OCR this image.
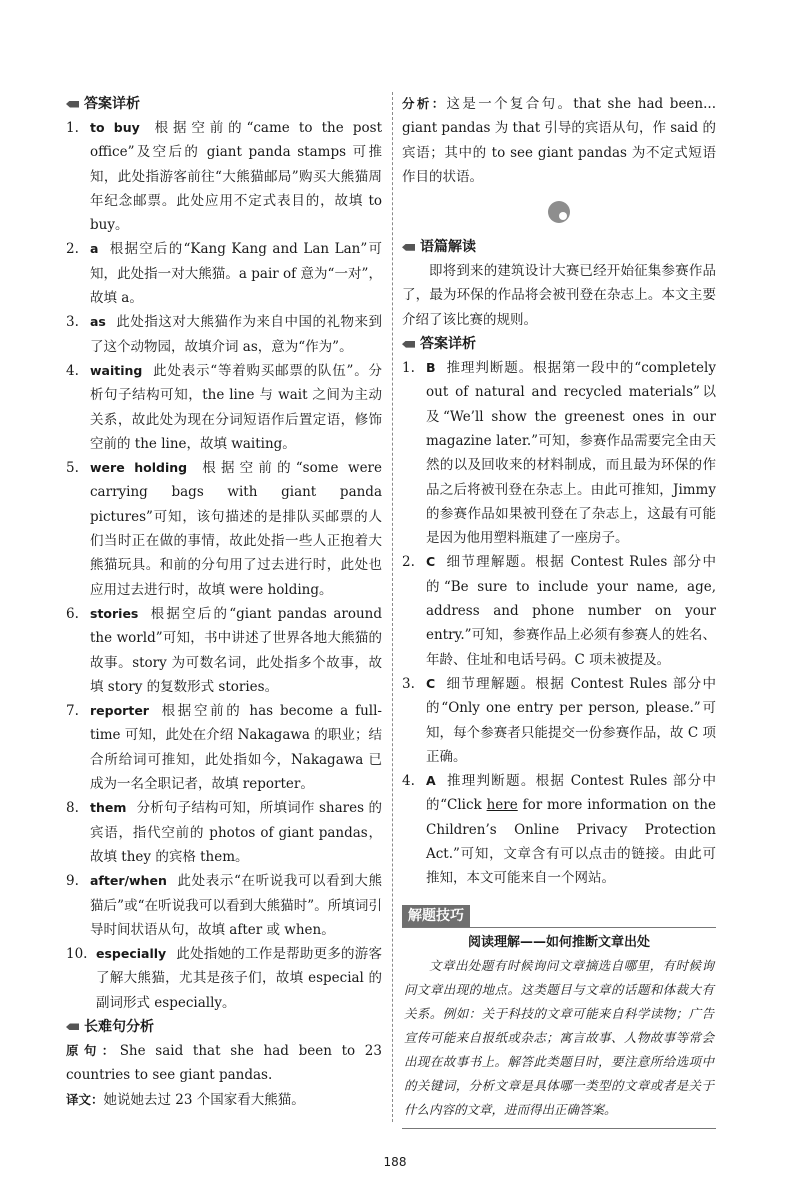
答案详析
1. to buy 根据空前的“came to the post office”及空后的 giant panda stamps 可推知，此处指游客前往“大熊猫邮局”购买大熊猫周年纪念邮票。此处应用不定式表目的，故填 to buy。
2. a 根据空后的“Kang Kang and Lan Lan”可知，此处指一对大熊猫。a pair of 意为“一对”，故填 a。
3. as 此处指这对大熊猫作为来自中国的礼物来到了这个动物园，故填介词 as，意为“作为”。
4. waiting 此处表示“等着购买邮票的队伍”。分析句子结构可知，the line 与 wait 之间为主动关系，故此处为现在分词短语作后置定语，修饰空前的 the line，故填 waiting。
5. were holding 根据空前的“some were carrying bags with giant panda pictures”可知，该句描述的是排队买邮票的人们当时正在做的事情，故此处指一些人正抱着大熊猫玩具。和前的分句用了过去进行时，此处也应用过去进行时，故填 were holding。
6. stories 根据空后的“giant pandas around the world”可知，书中讲述了世界各地大熊猫的故事。story 为可数名词，此处指多个故事，故填 story 的复数形式 stories。
7. reporter 根据空前的 has become a full-time 可知，此处在介绍 Nakagawa 的职业；结合所给词可推知，此处指如今，Nakagawa 已成为一名全职记者，故填 reporter。
8. them 分析句子结构可知，所填词作 shares 的宾语，指代空前的 photos of giant pandas，故填 they 的宾格 them。
9. after/when 此处表示“在听说我可以看到大熊猫后”或“在听说我可以看到大熊猫时”。所填词引导时间状语从句，故填 after 或 when。
10. especially 此处指她的工作是帮助更多的游客了解大熊猫，尤其是孩子们，故填 especial 的副词形式 especially。
长难句分析
原句：She said that she had been to 23 countries to see giant pandas.
译文：她说她去过 23 个国家看大熊猫。
分析：这是一个复合句。that she had been... giant pandas 为 that 引导的宾语从句，作 said 的宾语；其中的 to see giant pandas 为不定式短语作目的状语。
语篇解读
即将到来的建筑设计大赛已经开始征集参赛作品了，最为环保的作品将会被刊登在杂志上。本文主要介绍了该比赛的规则。
答案详析
1. B 推理判断题。根据第一段中的“completely out of natural and recycled materials”以及“We’ll show the greenest ones in our magazine later.”可知，参赛作品需要完全由天然的以及回收来的材料制成，而且最为环保的作品之后将被刊登在杂志上。由此可推知，Jimmy 的参赛作品如果被刊登在了杂志上，这最有可能是因为他用塑料瓶建了一座房子。
2. C 细节理解题。根据 Contest Rules 部分中的“Be sure to include your name, age, address and phone number on your entry.”可知，参赛作品上必须有参赛人的姓名、年龄、住址和电话号码。C 项未被提及。
3. C 细节理解题。根据 Contest Rules 部分中的“Only one entry per person, please.”可知，每个参赛者只能提交一份参赛作品，故 C 项正确。
4. A 推理判断题。根据 Contest Rules 部分中的“Click here for more information on the Children’s Online Privacy Protection Act.”可知，文章含有可以点击的链接。由此可推知，本文可能来自一个网站。
解题技巧
阅读理解——如何推断文章出处
文章出处题有时候询问文章摘选自哪里，有时候询问文章出现的地点。这类题目与文章的话题和体裁大有关系。例如：关于科技的文章可能来自科学读物；广告宣传可能来自报纸或杂志；寓言故事、人物故事等常会出现在故事书上。解答此类题目时，要注意所给选项中的关键词，分析文章是具体哪一类型的文章或者是关于什么内容的文章，进而得出正确答案。
188
